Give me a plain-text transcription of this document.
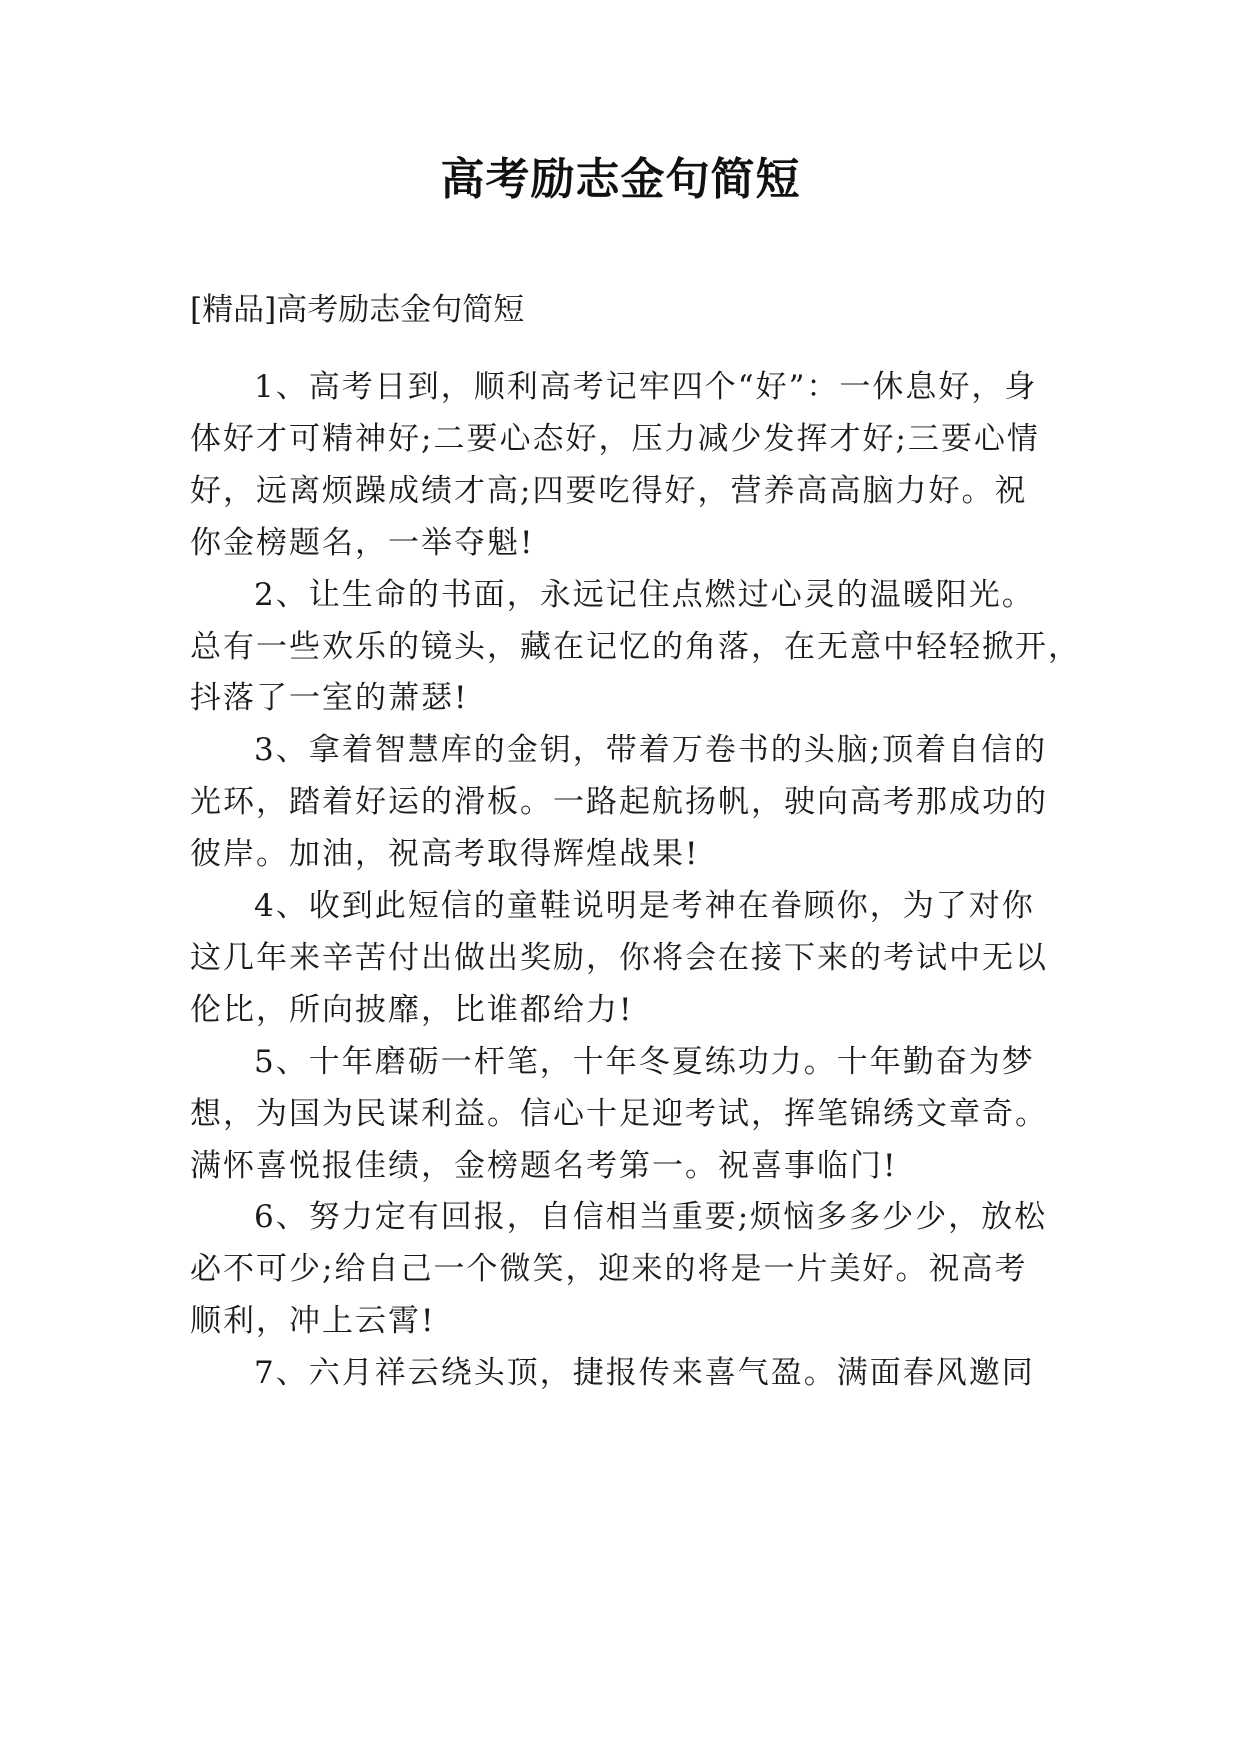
高考励志金句简短
[精品]高考励志金句简短
1、高考日到，顺利高考记牢四个“好”：一休息好，身
体好才可精神好;二要心态好，压力减少发挥才好;三要心情
好，远离烦躁成绩才高;四要吃得好，营养高高脑力好。祝
你金榜题名，一举夺魁!
2、让生命的书面，永远记住点燃过心灵的温暖阳光。
总有一些欢乐的镜头，藏在记忆的角落，在无意中轻轻掀开，
抖落了一室的萧瑟!
3、拿着智慧库的金钥，带着万卷书的头脑;顶着自信的
光环，踏着好运的滑板。一路起航扬帆，驶向高考那成功的
彼岸。加油，祝高考取得辉煌战果!
4、收到此短信的童鞋说明是考神在眷顾你，为了对你
这几年来辛苦付出做出奖励，你将会在接下来的考试中无以
伦比，所向披靡，比谁都给力!
5、十年磨砺一杆笔，十年冬夏练功力。十年勤奋为梦
想，为国为民谋利益。信心十足迎考试，挥笔锦绣文章奇。
满怀喜悦报佳绩，金榜题名考第一。祝喜事临门!
6、努力定有回报，自信相当重要;烦恼多多少少，放松
必不可少;给自己一个微笑，迎来的将是一片美好。祝高考
顺利，冲上云霄!
7、六月祥云绕头顶，捷报传来喜气盈。满面春风邀同
